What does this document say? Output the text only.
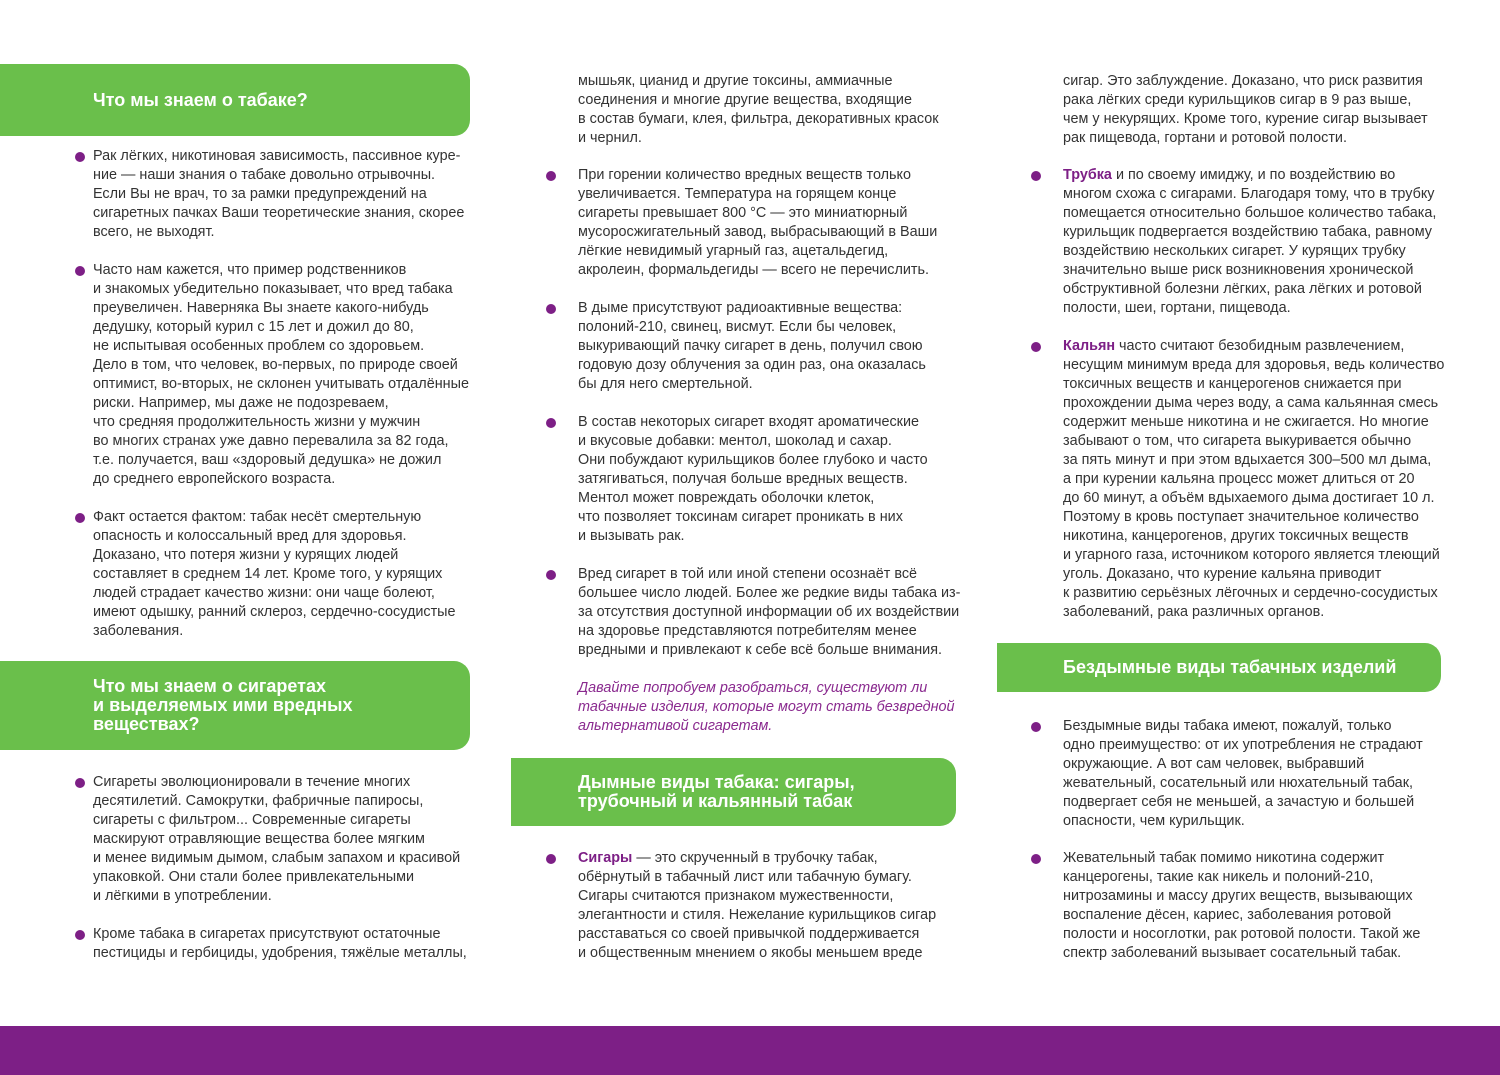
Что мы знаем о табаке?
Рак лёгких, никотиновая зависимость, пассивное куре-
ние — наши знания о табаке довольно отрывочны.
Если Вы не врач, то за рамки предупреждений на
сигаретных пачках Ваши теоретические знания, скорее
всего, не выходят.
Часто нам кажется, что пример родственников
и знакомых убедительно показывает, что вред табака
преувеличен. Наверняка Вы знаете какого-нибудь
дедушку, который курил с 15 лет и дожил до 80,
не испытывая особенных проблем со здоровьем.
Дело в том, что человек, во-первых, по природе своей
оптимист, во-вторых, не склонен учитывать отдалённые
риски. Например, мы даже не подозреваем,
что средняя продолжительность жизни у мужчин
во многих странах уже давно перевалила за 82 года,
т.е. получается, ваш «здоровый дедушка» не дожил
до среднего европейского возраста.
Факт остается фактом: табак несёт смертельную
опасность и колоссальный вред для здоровья.
Доказано, что потеря жизни у курящих людей
составляет в среднем 14 лет. Кроме того, у курящих
людей страдает качество жизни: они чаще болеют,
имеют одышку, ранний склероз, сердечно-сосудистые
заболевания.
Что мы знаем о сигаретах
и выделяемых ими вредных
веществах?
Сигареты эволюционировали в течение многих
десятилетий. Самокрутки, фабричные папиросы,
сигареты с фильтром... Современные сигареты
маскируют отравляющие вещества более мягким
и менее видимым дымом, слабым запахом и красивой
упаковкой. Они стали более привлекательными
и лёгкими в употреблении.
Кроме табака в сигаретах присутствуют остаточные
пестициды и гербициды, удобрения, тяжёлые металлы,
мышьяк, цианид и другие токсины, аммиачные
соединения и многие другие вещества, входящие
в состав бумаги, клея, фильтра, декоративных красок
и чернил.
При горении количество вредных веществ только
увеличивается. Температура на горящем конце
сигареты превышает 800 °С — это миниатюрный
мусоросжигательный завод, выбрасывающий в Ваши
лёгкие невидимый угарный газ, ацетальдегид,
акролеин, формальдегиды — всего не перечислить.
В дыме присутствуют радиоактивные вещества:
полоний-210, свинец, висмут. Если бы человек,
выкуривающий пачку сигарет в день, получил свою
годовую дозу облучения за один раз, она оказалась
бы для него смертельной.
В состав некоторых сигарет входят ароматические
и вкусовые добавки: ментол, шоколад и сахар.
Они побуждают курильщиков более глубоко и часто
затягиваться, получая больше вредных веществ.
Ментол может повреждать оболочки клеток,
что позволяет токсинам сигарет проникать в них
и вызывать рак.
Вред сигарет в той или иной степени осознаёт всё
большее число людей. Более же редкие виды табака из-
за отсутствия доступной информации об их воздействии
на здоровье представляются потребителям менее
вредными и привлекают к себе всё больше внимания.
Давайте попробуем разобраться, существуют ли
табачные изделия, которые могут стать безвредной
альтернативой сигаретам.
Дымные виды табака: сигары,
трубочный и кальянный табак
Сигары — это скрученный в трубочку табак,
обёрнутый в табачный лист или табачную бумагу.
Сигары считаются признаком мужественности,
элегантности и стиля. Нежелание курильщиков сигар
расставаться со своей привычкой поддерживается
и общественным мнением о якобы меньшем вреде
сигар. Это заблуждение. Доказано, что риск развития
рака лёгких среди курильщиков сигар в 9 раз выше,
чем у некурящих. Кроме того, курение сигар вызывает
рак пищевода, гортани и ротовой полости.
Трубка и по своему имиджу, и по воздействию во
многом схожа с сигарами. Благодаря тому, что в трубку
помещается относительно большое количество табака,
курильщик подвергается воздействию табака, равному
воздействию нескольких сигарет. У курящих трубку
значительно выше риск возникновения хронической
обструктивной болезни лёгких, рака лёгких и ротовой
полости, шеи, гортани, пищевода.
Кальян часто считают безобидным развлечением,
несущим минимум вреда для здоровья, ведь количество
токсичных веществ и канцерогенов снижается при
прохождении дыма через воду, а сама кальянная смесь
содержит меньше никотина и не сжигается. Но многие
забывают о том, что сигарета выкуривается обычно
за пять минут и при этом вдыхается 300–500 мл дыма,
а при курении кальяна процесс может длиться от 20
до 60 минут, а объём вдыхаемого дыма достигает 10 л.
Поэтому в кровь поступает значительное количество
никотина, канцерогенов, других токсичных веществ
и угарного газа, источником которого является тлеющий
уголь. Доказано, что курение кальяна приводит
к развитию серьёзных лёгочных и сердечно-сосудистых
заболеваний, рака различных органов.
Бездымные виды табачных изделий
Бездымные виды табака имеют, пожалуй, только
одно преимущество: от их употребления не страдают
окружающие. А вот сам человек, выбравший
жевательный, сосательный или нюхательный табак,
подвергает себя не меньшей, а зачастую и большей
опасности, чем курильщик.
Жевательный табак помимо никотина содержит
канцерогены, такие как никель и полоний-210,
нитрозамины и массу других веществ, вызывающих
воспаление дёсен, кариес, заболевания ротовой
полости и носоглотки, рак ротовой полости. Такой же
спектр заболеваний вызывает сосательный табак.
